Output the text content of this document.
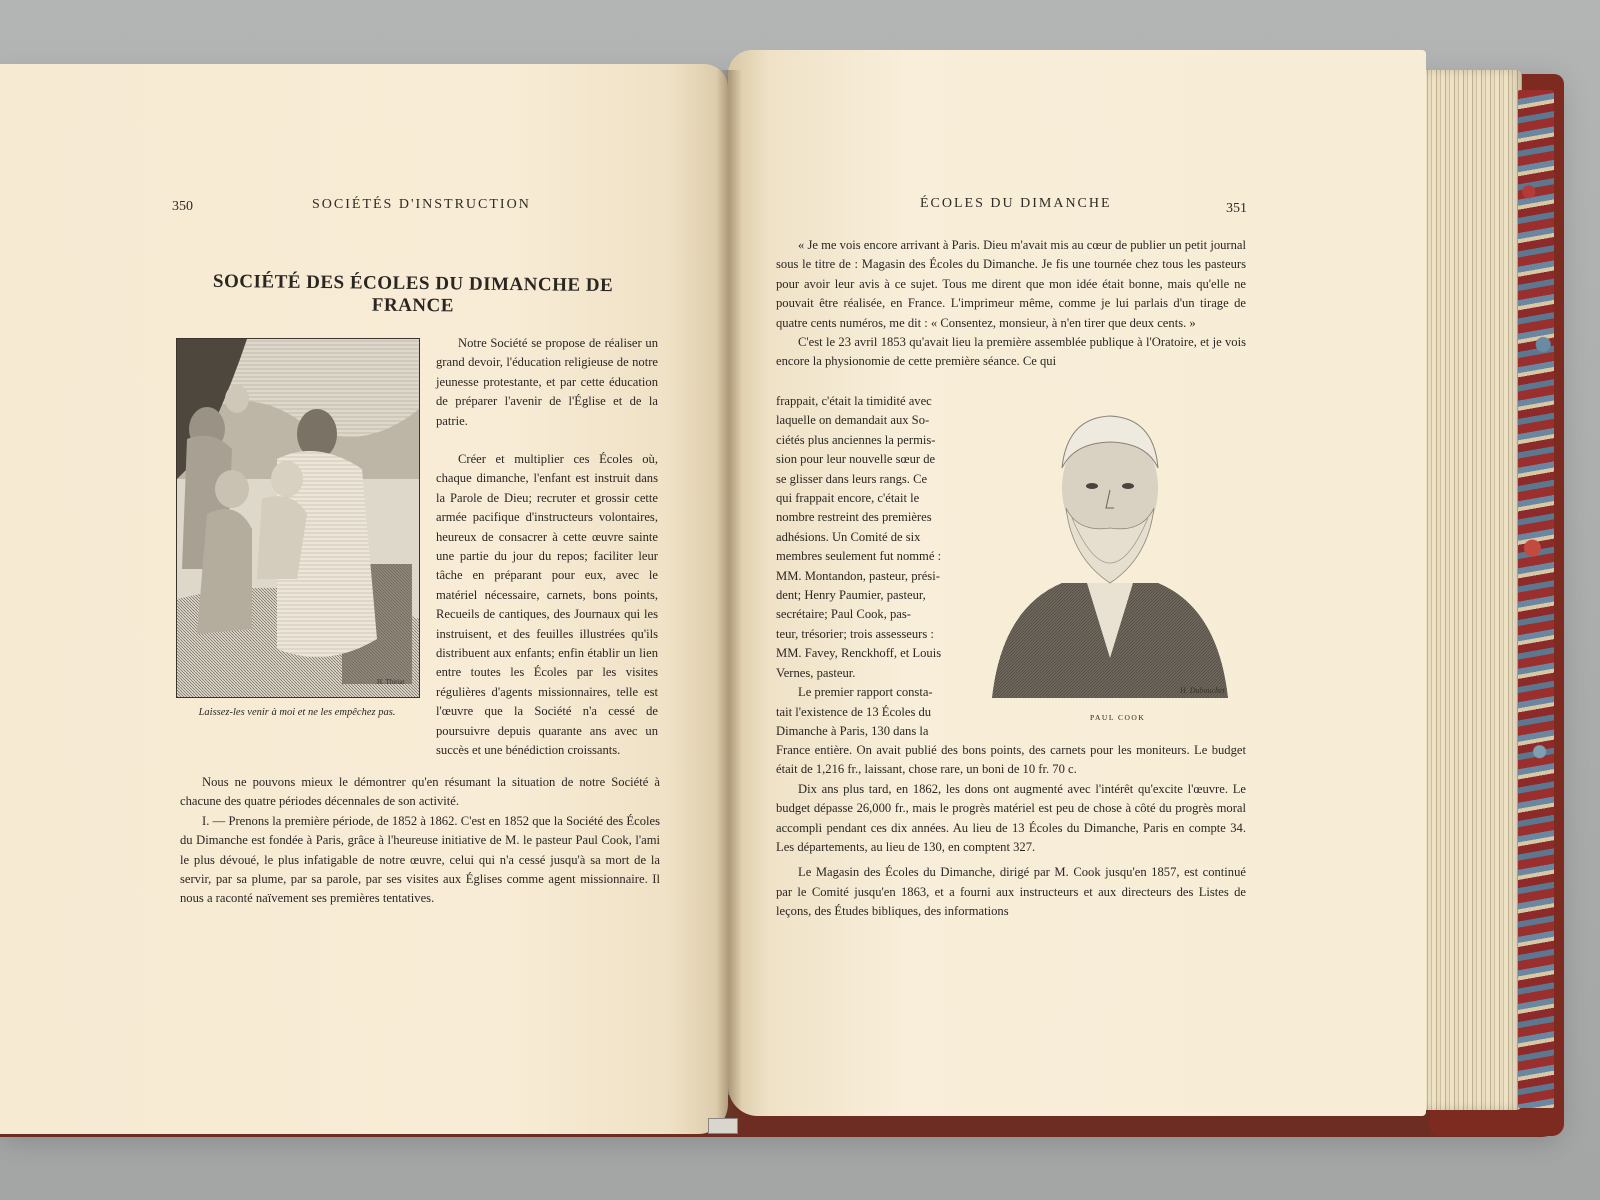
350	SOCIÉTÉS D'INSTRUCTION
SOCIÉTÉ DES ÉCOLES DU DIMANCHE DE FRANCE
H. Thiriat
Laissez-les venir à moi et ne les empêchez pas.

Notre Société se propose de réaliser un grand devoir, l'éducation religieuse de notre jeunesse protestante, et par cette éducation de préparer l'avenir de l'Église et de la patrie.

Créer et multiplier ces Écoles où, chaque dimanche, l'enfant est instruit dans la Parole de Dieu; recruter et grossir cette armée pacifique d'instructeurs volontaires, heureux de consacrer à cette œuvre sainte une partie du jour du repos; faciliter leur tâche en préparant pour eux, avec le matériel nécessaire, carnets, bons points, Recueils de cantiques, des Journaux qui les instruisent, et des feuilles illustrées qu'ils distribuent aux enfants; enfin établir un lien entre toutes les Écoles par les visites régulières d'agents missionnaires, telle est l'œuvre que la Société n'a cessé de poursuivre depuis quarante ans avec un succès et une bénédiction croissants.

Nous ne pouvons mieux le démontrer qu'en résumant la situation de notre Société à chacune des quatre périodes décennales de son activité.

I. — Prenons la première période, de 1852 à 1862. C'est en 1852 que la Société des Écoles du Dimanche est fondée à Paris, grâce à l'heureuse initiative de M. le pasteur Paul Cook, l'ami le plus dévoué, le plus infatigable de notre œuvre, celui qui n'a cessé jusqu'à sa mort de la servir, par sa plume, par sa parole, par ses visites aux Églises comme agent missionnaire. Il nous a raconté naïvement ses premières tentatives.

ÉCOLES DU DIMANCHE	351

« Je me vois encore arrivant à Paris. Dieu m'avait mis au cœur de publier un petit journal sous le titre de : Magasin des Écoles du Dimanche. Je fis une tournée chez tous les pasteurs pour avoir leur avis à ce sujet. Tous me dirent que mon idée était bonne, mais qu'elle ne pouvait être réalisée, en France. L'imprimeur même, comme je lui parlais d'un tirage de quatre cents numéros, me dit : « Consentez, monsieur, à n'en tirer que deux cents. »

C'est le 23 avril 1853 qu'avait lieu la première assemblée publique à l'Oratoire, et je vois encore la physionomie de cette première séance. Ce qui

frappait, c'était la timidité avec
laquelle on demandait aux So-
ciétés plus anciennes la permis-
sion pour leur nouvelle sœur de
se glisser dans leurs rangs. Ce
qui frappait encore, c'était le
nombre restreint des premières
adhésions. Un Comité de six
membres seulement fut nommé :
MM. Montandon, pasteur, prési-
dent; Henry Paumier, pasteur,
secrétaire; Paul Cook, pas-
teur, trésorier; trois assesseurs :
MM. Favey, Renckhoff, et Louis
Vernes, pasteur.
Le premier rapport consta-
tait l'existence de 13 Écoles du
Dimanche à Paris, 130 dans la
H. Dubouchet
PAUL COOK

France entière. On avait publié des bons points, des carnets pour les moniteurs. Le budget était de 1,216 fr., laissant, chose rare, un boni de 10 fr. 70 c.

Dix ans plus tard, en 1862, les dons ont augmenté avec l'intérêt qu'excite l'œuvre. Le budget dépasse 26,000 fr., mais le progrès matériel est peu de chose à côté du progrès moral accompli pendant ces dix années. Au lieu de 13 Écoles du Dimanche, Paris en compte 34. Les départements, au lieu de 130, en comptent 327.

Le Magasin des Écoles du Dimanche, dirigé par M. Cook jusqu'en 1857, est continué par le Comité jusqu'en 1863, et a fourni aux instructeurs et aux directeurs des Listes de leçons, des Études bibliques, des informations
